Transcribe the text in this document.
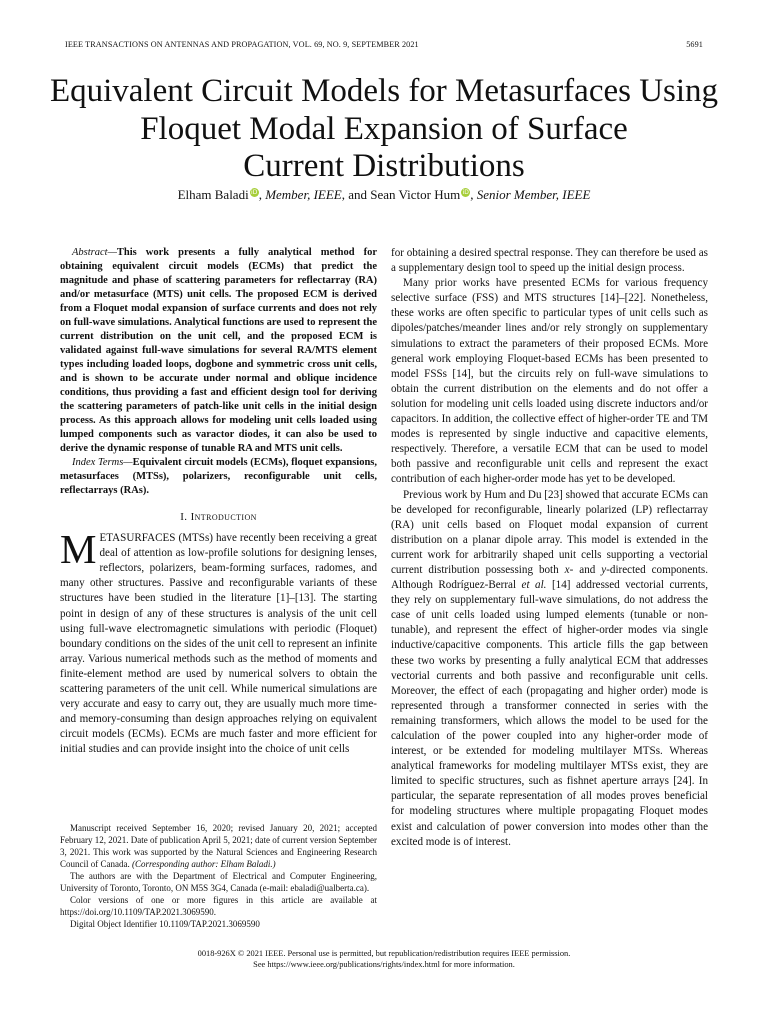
IEEE TRANSACTIONS ON ANTENNAS AND PROPAGATION, VOL. 69, NO. 9, SEPTEMBER 2021	5691
Equivalent Circuit Models for Metasurfaces Using
Floquet Modal Expansion of Surface
Current Distributions
Elham Baladi iD, Member, IEEE, and Sean Victor Hum iD, Senior Member, IEEE

Abstract—This work presents a fully analytical method for obtaining equivalent circuit models (ECMs) that predict the magnitude and phase of scattering parameters for reflectarray (RA) and/or metasurface (MTS) unit cells. The proposed ECM is derived from a Floquet modal expansion of surface currents and does not rely on full-wave simulations. Analytical functions are used to represent the current distribution on the unit cell, and the proposed ECM is validated against full-wave simulations for several RA/MTS element types including loaded loops, dogbone and symmetric cross unit cells, and is shown to be accurate under normal and oblique incidence conditions, thus providing a fast and efficient design tool for deriving the scattering parameters of patch-like unit cells in the initial design process. As this approach allows for modeling unit cells loaded using lumped components such as varactor diodes, it can also be used to derive the dynamic response of tunable RA and MTS unit cells.

Index Terms—Equivalent circuit models (ECMs), floquet expansions, metasurfaces (MTSs), polarizers, reconfigurable unit cells, reflectarrays (RAs).

I. Introduction

METASURFACES (MTSs) have recently been receiving a great deal of attention as low-profile solutions for designing lenses, reflectors, polarizers, beam-forming surfaces, radomes, and many other structures. Passive and reconfigurable variants of these structures have been studied in the literature [1]–[13]. The starting point in design of any of these structures is analysis of the unit cell using full-wave electromagnetic simulations with periodic (Floquet) boundary conditions on the sides of the unit cell to represent an infinite array. Various numerical methods such as the method of moments and finite-element method are used by numerical solvers to obtain the scattering parameters of the unit cell. While numerical simulations are very accurate and easy to carry out, they are usually much more time- and memory-consuming than design approaches relying on equivalent circuit models (ECMs). ECMs are much faster and more efficient for initial studies and can provide insight into the choice of unit cells

Manuscript received September 16, 2020; revised January 20, 2021; accepted February 12, 2021. Date of publication April 5, 2021; date of current version September 3, 2021. This work was supported by the Natural Sciences and Engineering Research Council of Canada. (Corresponding author: Elham Baladi.)

The authors are with the Department of Electrical and Computer Engineering, University of Toronto, Toronto, ON M5S 3G4, Canada (e-mail: ebaladi@ualberta.ca).

Color versions of one or more figures in this article are available at https://doi.org/10.1109/TAP.2021.3069590.

Digital Object Identifier 10.1109/TAP.2021.3069590

for obtaining a desired spectral response. They can therefore be used as a supplementary design tool to speed up the initial design process.

Many prior works have presented ECMs for various frequency selective surface (FSS) and MTS structures [14]–[22]. Nonetheless, these works are often specific to particular types of unit cells such as dipoles/patches/meander lines and/or rely strongly on supplementary simulations to extract the parameters of their proposed ECMs. More general work employing Floquet-based ECMs has been presented to model FSSs [14], but the circuits rely on full-wave simulations to obtain the current distribution on the elements and do not offer a solution for modeling unit cells loaded using discrete inductors and/or capacitors. In addition, the collective effect of higher-order TE and TM modes is represented by single inductive and capacitive elements, respectively. Therefore, a versatile ECM that can be used to model both passive and reconfigurable unit cells and represent the exact contribution of each higher-order mode has yet to be developed.

Previous work by Hum and Du [23] showed that accurate ECMs can be developed for reconfigurable, linearly polarized (LP) reflectarray (RA) unit cells based on Floquet modal expansion of current distribution on a planar dipole array. This model is extended in the current work for arbitrarily shaped unit cells supporting a vectorial current distribution possessing both x- and y-directed components. Although Rodríguez-Berral et al. [14] addressed vectorial currents, they rely on supplementary full-wave simulations, do not address the case of unit cells loaded using lumped elements (tunable or non-tunable), and represent the effect of higher-order modes via single inductive/capacitive components. This article fills the gap between these two works by presenting a fully analytical ECM that addresses vectorial currents and both passive and reconfigurable unit cells. Moreover, the effect of each (propagating and higher order) mode is represented through a transformer connected in series with the remaining transformers, which allows the model to be used for the calculation of the power coupled into any higher-order mode of interest, or be extended for modeling multilayer MTSs. Whereas analytical frameworks for modeling multilayer MTSs exist, they are limited to specific structures, such as fishnet aperture arrays [24]. In particular, the separate representation of all modes proves beneficial for modeling structures where multiple propagating Floquet modes exist and calculation of power conversion into modes other than the excited mode is of interest.

0018-926X © 2021 IEEE. Personal use is permitted, but republication/redistribution requires IEEE permission.
See https://www.ieee.org/publications/rights/index.html for more information.
